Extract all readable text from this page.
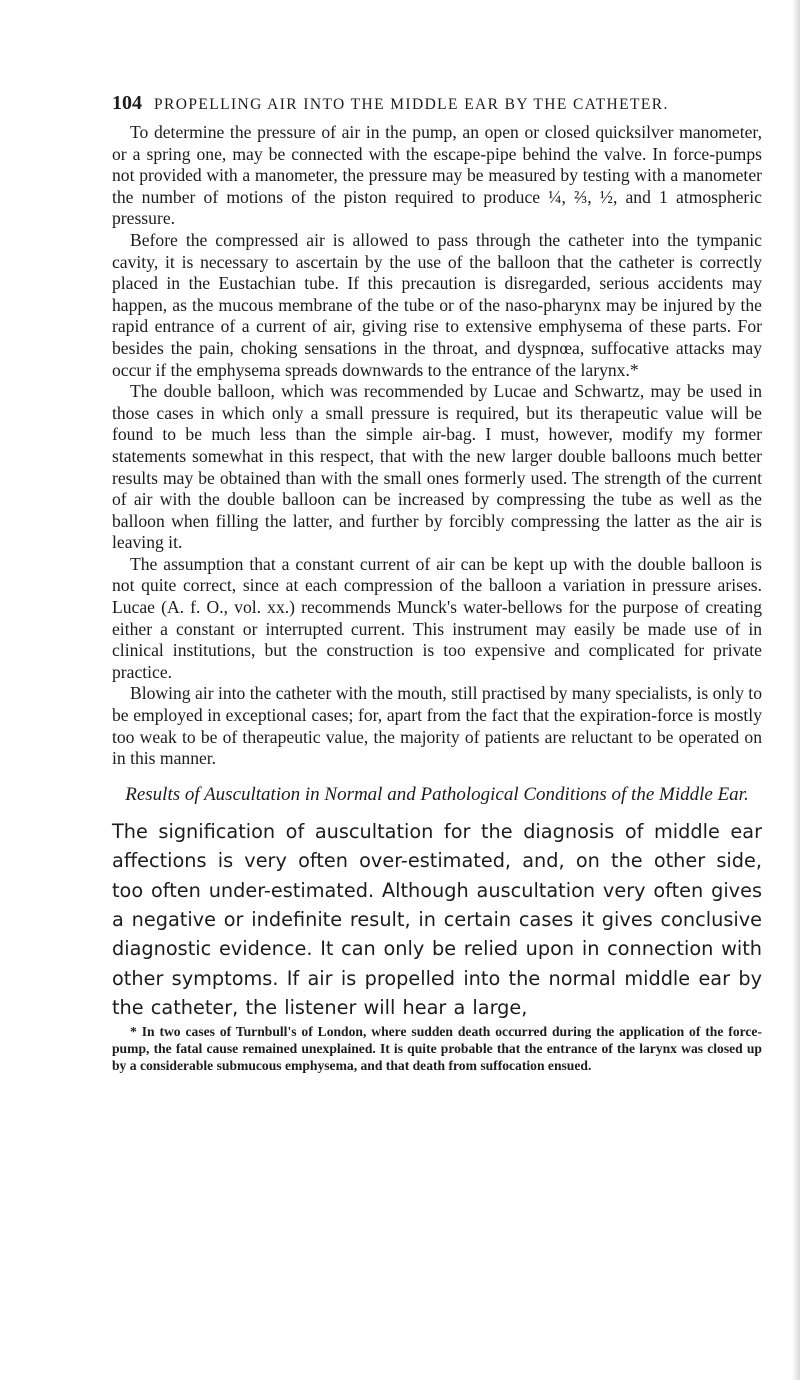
104 PROPELLING AIR INTO THE MIDDLE EAR BY THE CATHETER.

To determine the pressure of air in the pump, an open or closed quicksilver manometer, or a spring one, may be connected with the escape-pipe behind the valve. In force-pumps not provided with a manometer, the pressure may be measured by testing with a manometer the number of motions of the piston required to produce ¼, ⅔, ½, and 1 atmospheric pressure.

Before the compressed air is allowed to pass through the catheter into the tympanic cavity, it is necessary to ascertain by the use of the balloon that the catheter is correctly placed in the Eustachian tube. If this precaution is disregarded, serious accidents may happen, as the mucous membrane of the tube or of the naso-pharynx may be injured by the rapid entrance of a current of air, giving rise to extensive emphysema of these parts. For besides the pain, choking sensations in the throat, and dyspnœa, suffocative attacks may occur if the emphysema spreads downwards to the entrance of the larynx.*

The double balloon, which was recommended by Lucae and Schwartz, may be used in those cases in which only a small pressure is required, but its therapeutic value will be found to be much less than the simple air-bag. I must, however, modify my former statements somewhat in this respect, that with the new larger double balloons much better results may be obtained than with the small ones formerly used. The strength of the current of air with the double balloon can be increased by compressing the tube as well as the balloon when filling the latter, and further by forcibly compressing the latter as the air is leaving it.

The assumption that a constant current of air can be kept up with the double balloon is not quite correct, since at each compression of the balloon a variation in pressure arises. Lucae (A. f. O., vol. xx.) recommends Munck's water-bellows for the purpose of creating either a constant or interrupted current. This instrument may easily be made use of in clinical institutions, but the construction is too expensive and complicated for private practice.

Blowing air into the catheter with the mouth, still practised by many specialists, is only to be employed in exceptional cases; for, apart from the fact that the expiration-force is mostly too weak to be of therapeutic value, the majority of patients are reluctant to be operated on in this manner.

Results of Auscultation in Normal and Pathological Conditions of the Middle Ear.

The signification of auscultation for the diagnosis of middle ear affections is very often over-estimated, and, on the other side, too often under-estimated. Although auscultation very often gives a negative or indefinite result, in certain cases it gives conclusive diagnostic evidence. It can only be relied upon in connection with other symptoms. If air is propelled into the normal middle ear by the catheter, the listener will hear a large,

* In two cases of Turnbull's of London, where sudden death occurred during the application of the force-pump, the fatal cause remained unexplained. It is quite probable that the entrance of the larynx was closed up by a considerable submucous emphysema, and that death from suffocation ensued.
